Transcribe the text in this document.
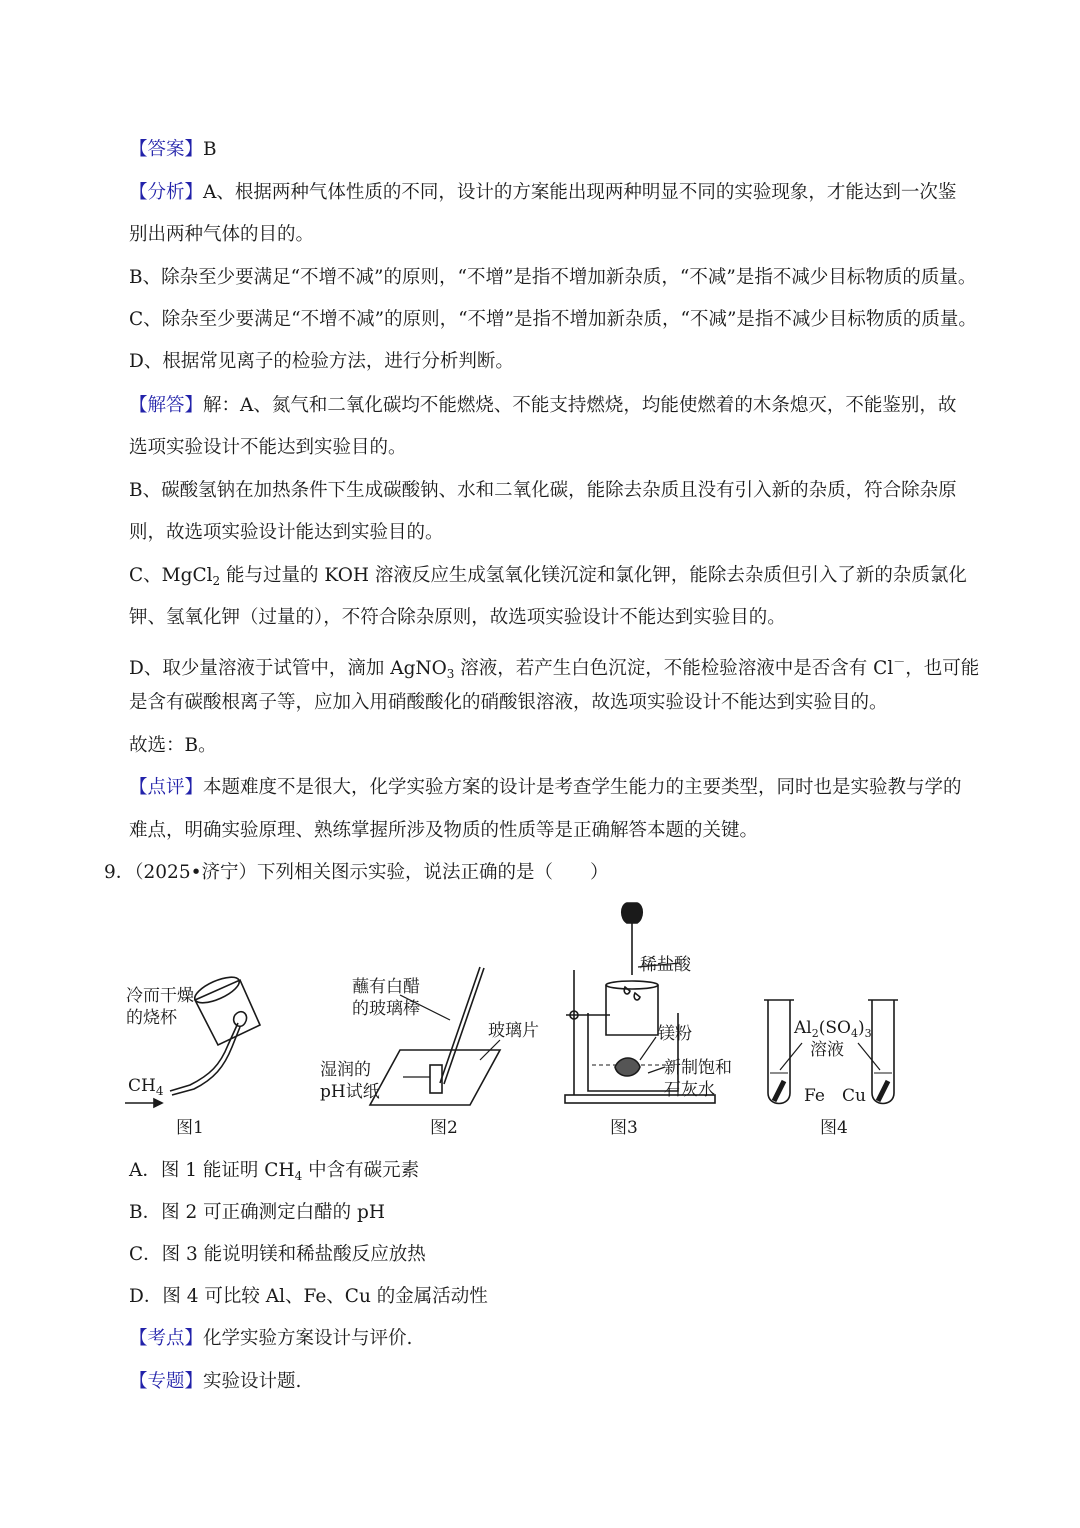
【答案】B
【分析】A、根据两种气体性质的不同，设计的方案能出现两种明显不同的实验现象，才能达到一次鉴
别出两种气体的目的。
B、除杂至少要满足“不增不减”的原则，“不增”是指不增加新杂质，“不减”是指不减少目标物质的质量。
C、除杂至少要满足“不增不减”的原则，“不增”是指不增加新杂质，“不减”是指不减少目标物质的质量。
D、根据常见离子的检验方法，进行分析判断。
【解答】解：A、氮气和二氧化碳均不能燃烧、不能支持燃烧，均能使燃着的木条熄灭，不能鉴别，故
选项实验设计不能达到实验目的。
B、碳酸氢钠在加热条件下生成碳酸钠、水和二氧化碳，能除去杂质且没有引入新的杂质，符合除杂原
则，故选项实验设计能达到实验目的。
C、MgCl$_2$ 能与过量的 KOH 溶液反应生成氢氧化镁沉淀和氯化钾，能除去杂质但引入了新的杂质氯化
钾、氢氧化钾（过量的），不符合除杂原则，故选项实验设计不能达到实验目的。
D、取少量溶液于试管中，滴加 AgNO$_3$ 溶液，若产生白色沉淀，不能检验溶液中是否含有 Cl－，也可能
是含有碳酸根离子等，应加入用硝酸酸化的硝酸银溶液，故选项实验设计不能达到实验目的。
故选：B。
【点评】本题难度不是很大，化学实验方案的设计是考查学生能力的主要类型，同时也是实验教与学的
难点，明确实验原理、熟练掌握所涉及物质的性质等是正确解答本题的关键。
9．（2025•济宁）下列相关图示实验，说法正确的是（　　）
冷而干燥
的烧杯
$CH_4$
图1
蘸有白醋
的玻璃棒
玻璃片
湿润的
pH试纸
图2
稀盐酸
镁粉
新制饱和
石灰水
图3
$Al_2(SO_4)_3$
溶液
Fe Cu
图4
A．图 1 能证明 $CH_4$ 中含有碳元素
B．图 2 可正确测定白醋的 pH
C．图 3 能说明镁和稀盐酸反应放热
D．图 4 可比较 Al、Fe、Cu 的金属活动性
【考点】化学实验方案设计与评价.
【专题】实验设计题.
